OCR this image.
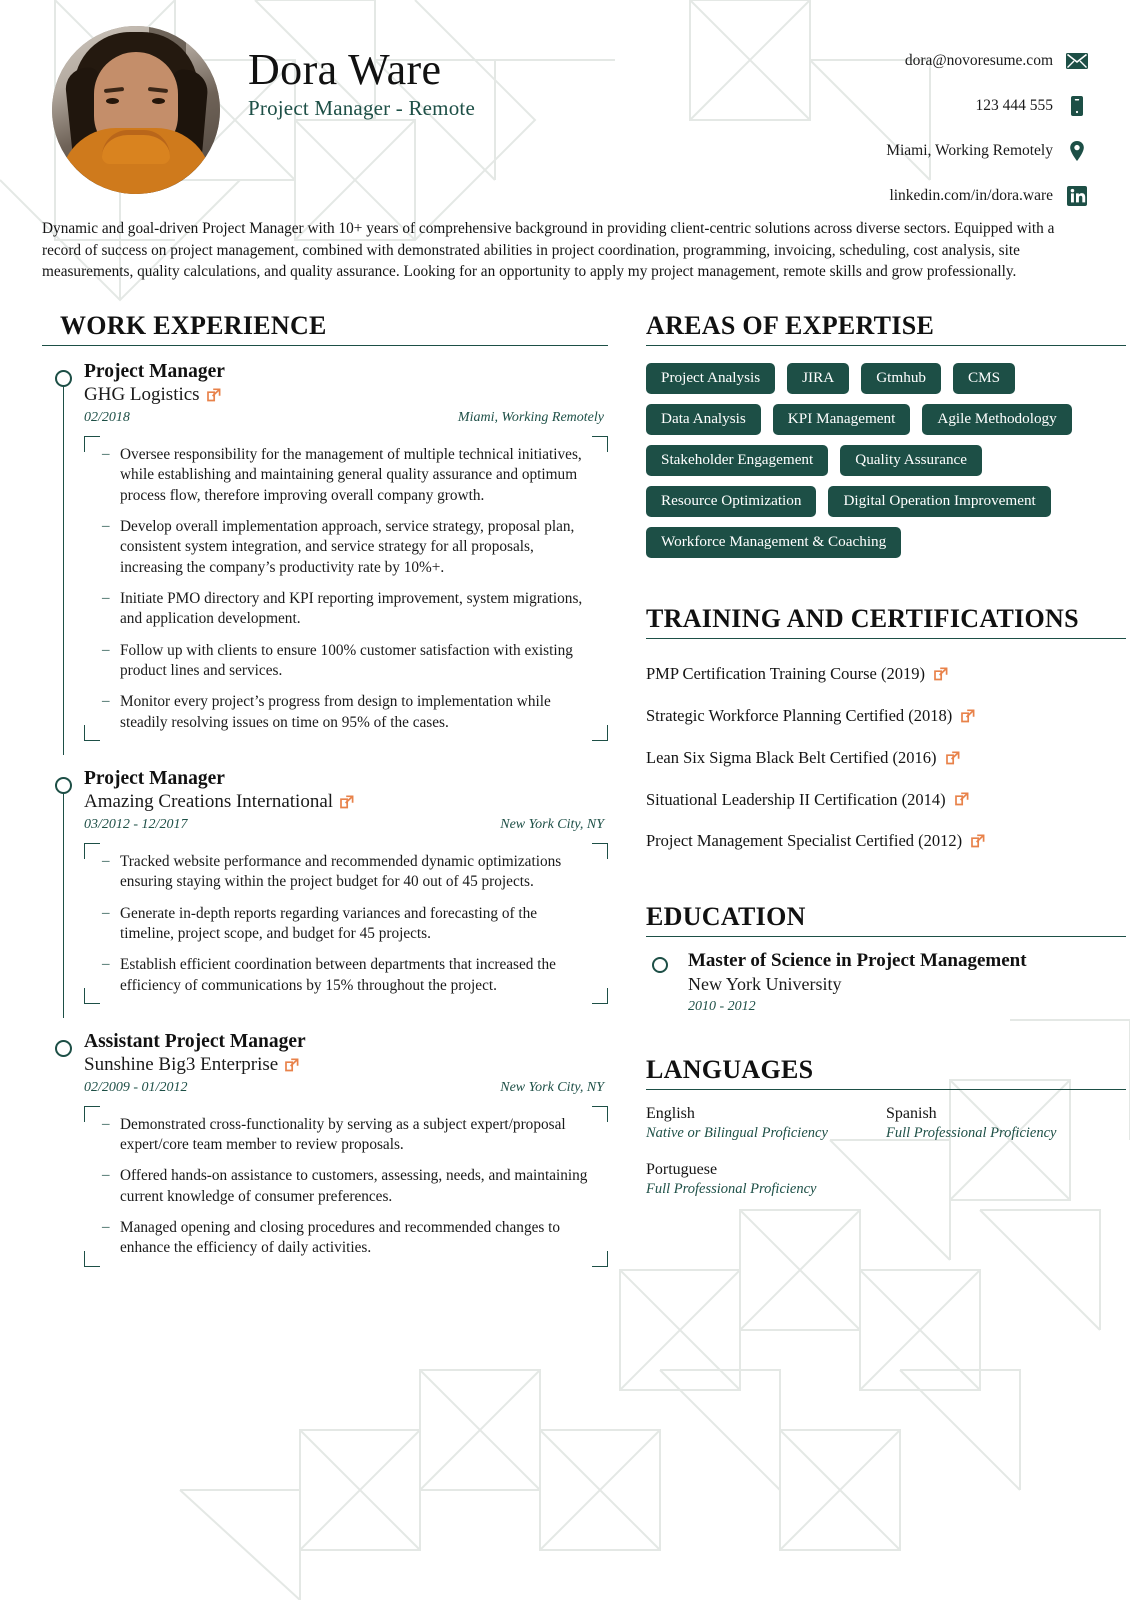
Dora Ware
Project Manager - Remote
dora@novoresume.com
123 444 555
Miami, Working Remotely
linkedin.com/in/dora.ware
Dynamic and goal-driven Project Manager with 10+ years of comprehensive background in providing client-centric solutions across diverse sectors. Equipped with a record of success on project management, combined with demonstrated abilities in project coordination, programming, invoicing, scheduling, cost analysis, site measurements, quality calculations, and quality assurance. Looking for an opportunity to apply my project management, remote skills and grow professionally.
WORK EXPERIENCE
Project Manager
GHG Logistics
02/2018	Miami, Working Remotely
– Oversee responsibility for the management of multiple technical initiatives, while establishing and maintaining general quality assurance and optimum process flow, therefore improving overall company growth.
– Develop overall implementation approach, service strategy, proposal plan, consistent system integration, and service strategy for all proposals, increasing the company’s productivity rate by 10%+.
– Initiate PMO directory and KPI reporting improvement, system migrations, and application development.
– Follow up with clients to ensure 100% customer satisfaction with existing product lines and services.
– Monitor every project’s progress from design to implementation while steadily resolving issues on time on 95% of the cases.
Project Manager
Amazing Creations International
03/2012 - 12/2017	New York City, NY
– Tracked website performance and recommended dynamic optimizations ensuring staying within the project budget for 40 out of 45 projects.
– Generate in-depth reports regarding variances and forecasting of the timeline, project scope, and budget for 45 projects.
– Establish efficient coordination between departments that increased the efficiency of communications by 15% throughout the project.
Assistant Project Manager
Sunshine Big3 Enterprise
02/2009 - 01/2012	New York City, NY
– Demonstrated cross-functionality by serving as a subject expert/proposal expert/core team member to review proposals.
– Offered hands-on assistance to customers, assessing, needs, and maintaining current knowledge of consumer preferences.
– Managed opening and closing procedures and recommended changes to enhance the efficiency of daily activities.
AREAS OF EXPERTISE
Project Analysis	JIRA	Gtmhub	CMS
Data Analysis	KPI Management	Agile Methodology
Stakeholder Engagement	Quality Assurance
Resource Optimization	Digital Operation Improvement
Workforce Management & Coaching
TRAINING AND CERTIFICATIONS
PMP Certification Training Course (2019)
Strategic Workforce Planning Certified (2018)
Lean Six Sigma Black Belt Certified (2016)
Situational Leadership II Certification (2014)
Project Management Specialist Certified (2012)
EDUCATION
Master of Science in Project Management
New York University
2010 - 2012
LANGUAGES
English
Native or Bilingual Proficiency
Spanish
Full Professional Proficiency
Portuguese
Full Professional Proficiency
